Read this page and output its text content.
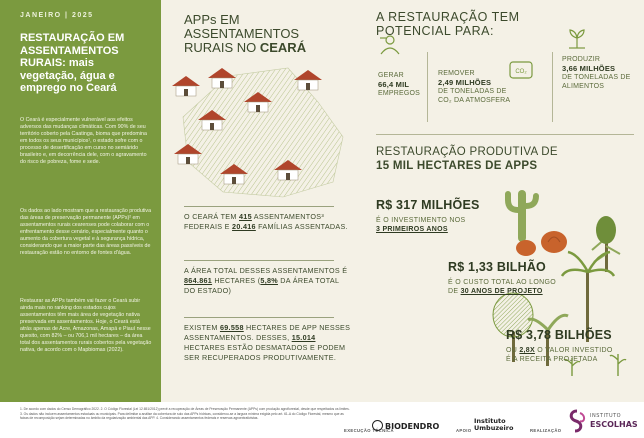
JANEIRO | 2025
RESTAURAÇÃO EM ASSENTAMENTOS RURAIS: mais vegetação, água e emprego no Ceará
O Ceará é especialmente vulnerável aos efeitos adversos das mudanças climáticas. Com 90% de seu território coberto pela Caatinga, bioma que predomina em todos os seus municípios¹, o estado sofre com o processo de desertificação em curso no semiárido brasileiro e, em decorrência dele, com o agravamento do risco de pobreza, fome e sede.
Os dados ao lado mostram que a restauração produtiva das áreas de preservação permanente (APPs)² em assentamentos rurais cearenses pode colaborar com o enfrentamento desse cenário, especialmente quanto o aumento da cobertura vegetal e à segurança hídrica, considerando que a maior parte das áreas passíveis de restauração estão no entorno de fontes d'água.
Restaurar as APPs também vai fazer o Ceará subir ainda mais no ranking dos estados cujos assentamentos têm mais área de vegetação nativa preservada em assentamentos. Hoje, o Ceará está atrás apenas de Acre, Amazonas, Amapá e Piauí nesse quesito, com 82% – ou 706,1 mil hectares – da área total dos assentamentos rurais cobertos pela vegetação nativa, de acordo com o Mapbiomas (2022).
APPs EM ASSENTAMENTOS RURAIS NO CEARÁ
O CEARÁ TEM 415 ASSENTAMENTOS³ FEDERAIS E 20.416 FAMÍLIAS ASSENTADAS.
A ÁREA TOTAL DESSES ASSENTAMENTOS É 864.861 HECTARES (5,8% DA ÁREA TOTAL DO ESTADO)
EXISTEM 69.558 HECTARES DE APP NESSES ASSENTAMENTOS. DESSES, 15.014 HECTARES ESTÃO DESMATADOS E PODEM SER RECUPERADOS PRODUTIVAMENTE.
A RESTAURAÇÃO TEM POTENCIAL PARA:
CO₂
GERAR
66,4 MIL
EMPREGOS
REMOVER
2,49 MILHÕES
DE TONELADAS DE
CO₂ DA ATMOSFERA
PRODUZIR
3,66 MILHÕES
DE TONELADAS DE ALIMENTOS
RESTAURAÇÃO PRODUTIVA DE
15 MIL HECTARES DE APPS
R$ 317 MILHÕES
É O INVESTIMENTO NOS
3 PRIMEIROS ANOS
R$ 1,33 BILHÃO
É O CUSTO TOTAL AO LONGO
DE 30 ANOS DE PROJETO
R$ 3,78 BILHÕES
OU 2,8X O VALOR INVESTIDO
É A RECEITA PROJETADA
1. De acordo com dados do Censo Demográfico 2022. 2. O Código Florestal (Lei 12.651/2012) prevê a recuperação de Áreas de Preservação Permanente (APPs) com produção agroflorestal, desde que respeitados os limites. 3. Os dados não incluem assentamentos estaduais ou municipais. Para delimitar a análise da cobertura de solo das APPs hídricas, considerou-se a largura mínima exigida pelo art. 61-A do Código Florestal, mesmo que as faixas de recomposição sejam determinadas no âmbito da regularização ambiental das APP. 4. Considerando assentamentos federais e reservas agroextrativistas.
EXECUÇÃO TÉCNICA
BIODENDRO	APOIO
Instituto Umbuzeiro	REALIZAÇÃO
INSTITUTO
ESCOLHAS
